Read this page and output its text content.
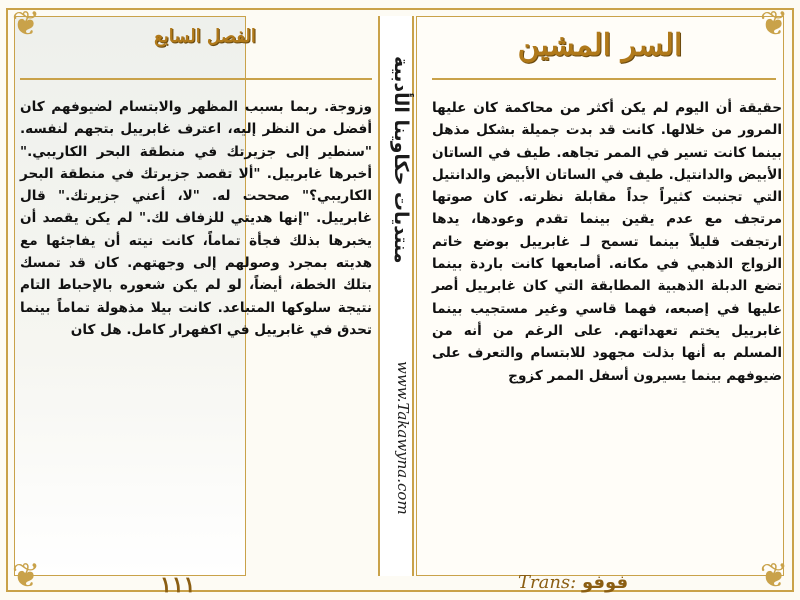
منتديات حكاوينا الأدبية
www.Takawyna.com
السر المشين
الفصل السابع
حقيقة أن اليوم لم يكن أكثر من محاكمة كان عليها المرور من خلالها. كانت قد بدت جميلة بشكل مذهل بينما كانت تسير في الممر تجاهه. طيف في الساتان الأبيض والدانتيل. طيف في الساتان الأبيض والدانتيل التي تجنبت كثيراً جداً مقابلة نظرته. كان صوتها مرتجف مع عدم يقين بينما تقدم وعودها، يدها ارتجفت قليلاً بينما تسمح لـ غابرييل بوضع خاتم الزواج الذهبي في مكانه. أصابعها كانت باردة بينما تضع الدبلة الذهبية المطابقة التي كان غابرييل أصر عليها في إصبعه، فهما قاسي وغير مستجيب بينما غابرييل يختم تعهداتهم. على الرغم من أنه من المسلم به أنها بذلت مجهود للابتسام والتعرف على ضيوفهم بينما يسيرون أسفل الممر كزوج
وزوجة. ربما بسبب المظهر والابتسام لضيوفهم كان أفضل من النظر إليه، اعترف غابرييل بتجهم لنفسه. "سنطير إلى جزيرتك في منطقة البحر الكاريبي." أخبرها غابرييل. "ألا تقصد جزيرتك في منطقة البحر الكاريبي؟" صححت له. "لا، أعني جزيرتك." قال غابرييل. "إنها هديتي للزفاف لك." لم يكن يقصد أن يخبرها بذلك فجأة تماماً، كانت نيته أن يفاجئها مع هديته بمجرد وصولهم إلى وجهتهم. كان قد تمسك بتلك الخطة، أيضاً، لو لم يكن شعوره بالإحباط التام نتيجة سلوكها المتباعد. كانت بيلا مذهولة تماماً بينما تحدق في غابرييل في اكفهرار كامل. هل كان
❦	❦
❦	❦
١١١	Trans: فوفو
